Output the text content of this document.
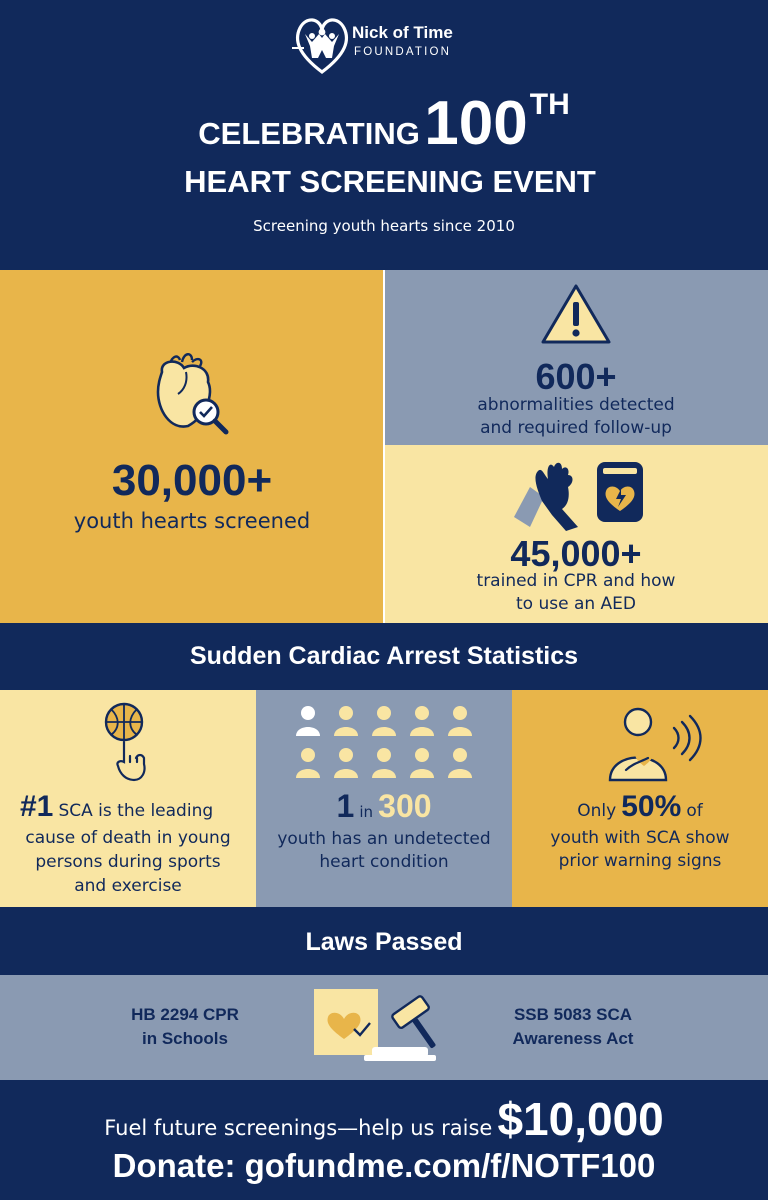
Nick of Time
FOUNDATION
CELEBRATING 100TH
HEART SCREENING EVENT
Screening youth hearts since 2010
30,000+
youth hearts screened
600+
abnormalities detected
and required follow-up
45,000+
trained in CPR and how
to use an AED
Sudden Cardiac Arrest Statistics
#1 SCA is the leading
cause of death in young
persons during sports
and exercise
1 in 300
youth has an undetected
heart condition
Only 50% of
youth with SCA show
prior warning signs
Laws Passed
HB 2294 CPR
in Schools
SSB 5083 SCA
Awareness Act
Fuel future screenings—help us raise $10,000
Donate: gofundme.com/f/NOTF100
